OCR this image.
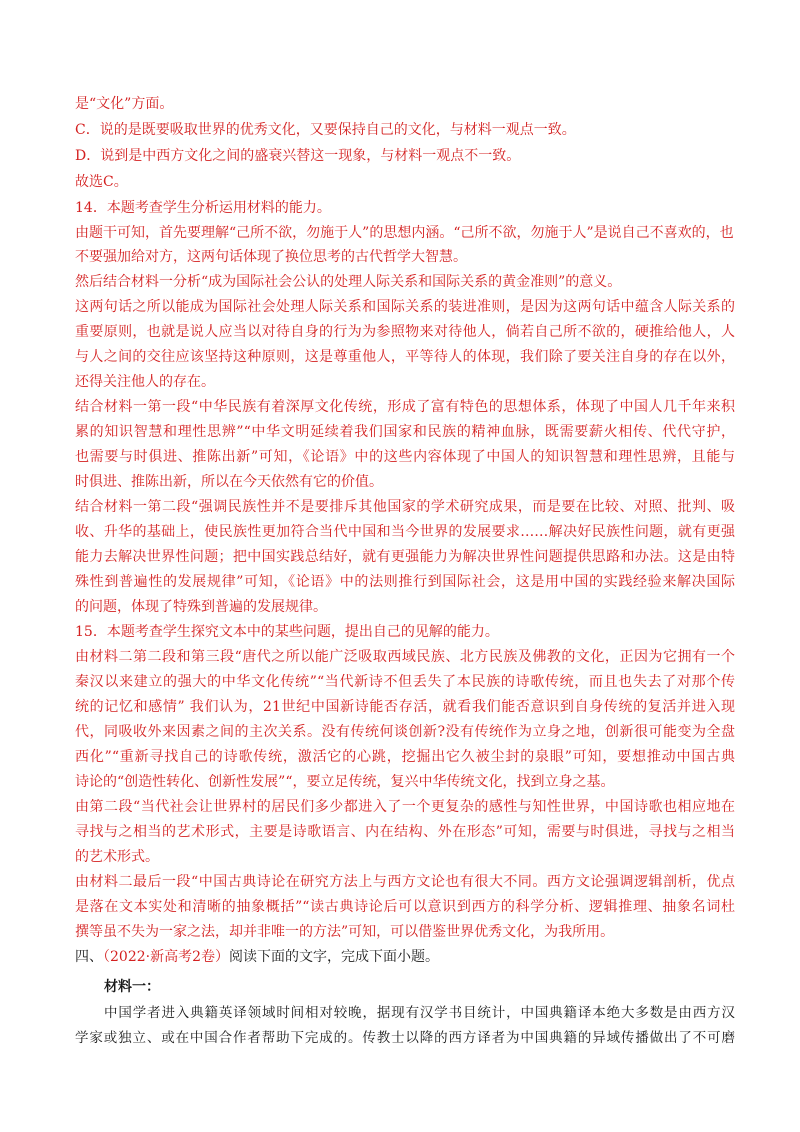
是“文化”方面。
C．说的是既要吸取世界的优秀文化，又要保持自己的文化，与材料一观点一致。
D．说到是中西方文化之间的盛衰兴替这一现象，与材料一观点不一致。
故选C。
14．本题考查学生分析运用材料的能力。
由题干可知，首先要理解“己所不欲，勿施于人”的思想内涵。“己所不欲，勿施于人”是说自己不喜欢的，也不要强加给对方，这两句话体现了换位思考的古代哲学大智慧。
然后结合材料一分析“成为国际社会公认的处理人际关系和国际关系的黄金准则”的意义。
这两句话之所以能成为国际社会处理人际关系和国际关系的装进准则，是因为这两句话中蕴含人际关系的
重要原则，也就是说人应当以对待自身的行为为参照物来对待他人，倘若自己所不欲的，硬推给他人，人
与人之间的交往应该坚持这种原则，这是尊重他人，平等待人的体现，我们除了要关注自身的存在以外，
还得关注他人的存在。
结合材料一第一段“中华民族有着深厚文化传统，形成了富有特色的思想体系，体现了中国人几千年来积
累的知识智慧和理性思辨”“中华文明延续着我们国家和民族的精神血脉，既需要薪火相传、代代守护，
也需要与时俱进、推陈出新”可知，《论语》中的这些内容体现了中国人的知识智慧和理性思辨，且能与
时俱进、推陈出新，所以在今天依然有它的价值。
结合材料一第二段“强调民族性并不是要排斥其他国家的学术研究成果，而是要在比较、对照、批判、吸
收、升华的基础上，使民族性更加符合当代中国和当今世界的发展要求……解决好民族性问题，就有更强
能力去解决世界性问题；把中国实践总结好，就有更强能力为解决世界性问题提供思路和办法。这是由特
殊性到普遍性的发展规律”可知，《论语》中的法则推行到国际社会，这是用中国的实践经验来解决国际
的问题，体现了特殊到普遍的发展规律。
15．本题考查学生探究文本中的某些问题，提出自己的见解的能力。
由材料二第二段和第三段“唐代之所以能广泛吸取西域民族、北方民族及佛教的文化，正因为它拥有一个
秦汉以来建立的强大的中华文化传统”“当代新诗不但丢失了本民族的诗歌传统，而且也失去了对那个传
统的记忆和感情” 我们认为，21世纪中国新诗能否存活，就看我们能否意识到自身传统的复活并进入现
代，同吸收外来因素之间的主次关系。没有传统何谈创新?没有传统作为立身之地，创新很可能变为全盘
西化”“重新寻找自己的诗歌传统，激活它的心跳，挖掘出它久被尘封的泉眼”可知，要想推动中国古典
诗论的“创造性转化、创新性发展”“，要立足传统，复兴中华传统文化，找到立身之基。
由第二段“当代社会让世界村的居民们多少都进入了一个更复杂的感性与知性世界，中国诗歌也相应地在
寻找与之相当的艺术形式，主要是诗歌语言、内在结构、外在形态”可知，需要与时俱进，寻找与之相当
的艺术形式。
由材料二最后一段“中国古典诗论在研究方法上与西方文论也有很大不同。西方文论强调逻辑剖析，优点
是落在文本实处和清晰的抽象概括”“读古典诗论后可以意识到西方的科学分析、逻辑推理、抽象名词杜
撰等虽不失为一家之法，却并非唯一的方法”可知，可以借鉴世界优秀文化，为我所用。
四、（2022·新高考2卷）阅读下面的文字，完成下面小题。
材料一：
中国学者进入典籍英译领域时间相对较晚，据现有汉学书目统计，中国典籍译本绝大多数是由西方汉
学家或独立、或在中国合作者帮助下完成的。传教士以降的西方译者为中国典籍的异域传播做出了不可磨
